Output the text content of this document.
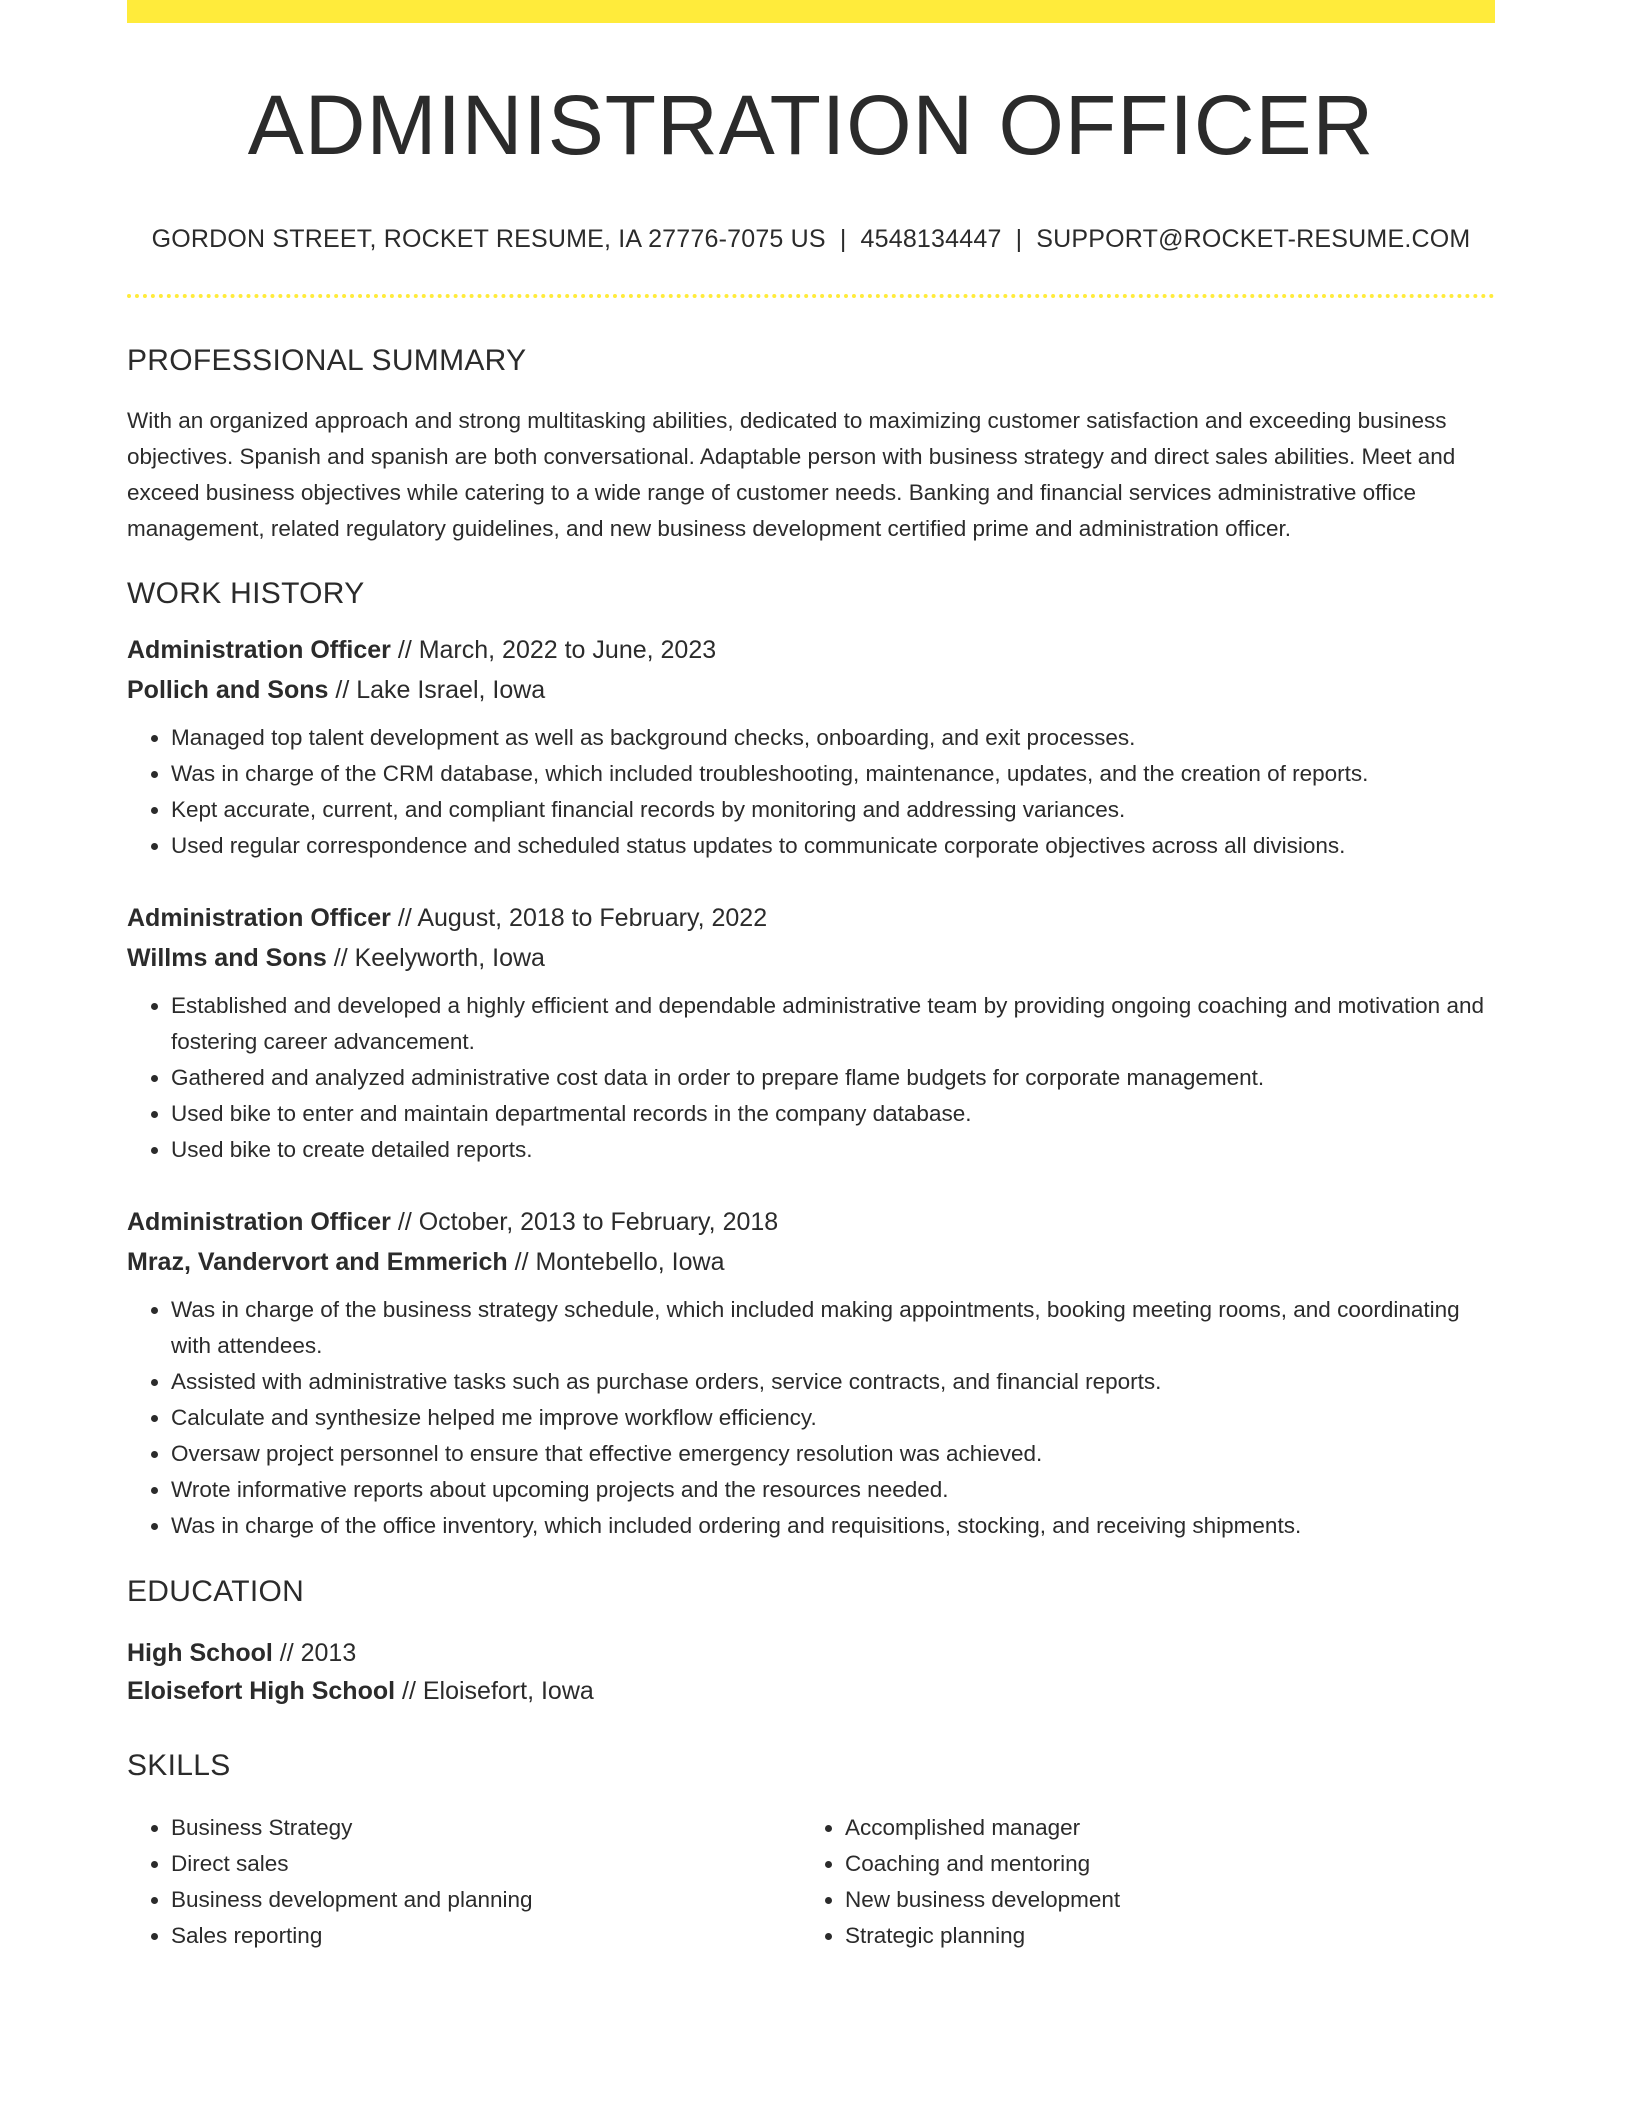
ADMINISTRATION OFFICER
GORDON STREET, ROCKET RESUME, IA 27776-7075 US | 4548134447 | SUPPORT@ROCKET-RESUME.COM
PROFESSIONAL SUMMARY
With an organized approach and strong multitasking abilities, dedicated to maximizing customer satisfaction and exceeding business objectives. Spanish and spanish are both conversational. Adaptable person with business strategy and direct sales abilities. Meet and exceed business objectives while catering to a wide range of customer needs. Banking and financial services administrative office management, related regulatory guidelines, and new business development certified prime and administration officer.
WORK HISTORY
Administration Officer // March, 2022 to June, 2023
Pollich and Sons // Lake Israel, Iowa
• Managed top talent development as well as background checks, onboarding, and exit processes.
• Was in charge of the CRM database, which included troubleshooting, maintenance, updates, and the creation of reports.
• Kept accurate, current, and compliant financial records by monitoring and addressing variances.
• Used regular correspondence and scheduled status updates to communicate corporate objectives across all divisions.
Administration Officer // August, 2018 to February, 2022
Willms and Sons // Keelyworth, Iowa
• Established and developed a highly efficient and dependable administrative team by providing ongoing coaching and motivation and fostering career advancement.
• Gathered and analyzed administrative cost data in order to prepare flame budgets for corporate management.
• Used bike to enter and maintain departmental records in the company database.
• Used bike to create detailed reports.
Administration Officer // October, 2013 to February, 2018
Mraz, Vandervort and Emmerich // Montebello, Iowa
• Was in charge of the business strategy schedule, which included making appointments, booking meeting rooms, and coordinating with attendees.
• Assisted with administrative tasks such as purchase orders, service contracts, and financial reports.
• Calculate and synthesize helped me improve workflow efficiency.
• Oversaw project personnel to ensure that effective emergency resolution was achieved.
• Wrote informative reports about upcoming projects and the resources needed.
• Was in charge of the office inventory, which included ordering and requisitions, stocking, and receiving shipments.
EDUCATION
High School // 2013
Eloisefort High School // Eloisefort, Iowa
SKILLS
• Business Strategy
• Direct sales
• Business development and planning
• Sales reporting
• Accomplished manager
• Coaching and mentoring
• New business development
• Strategic planning
